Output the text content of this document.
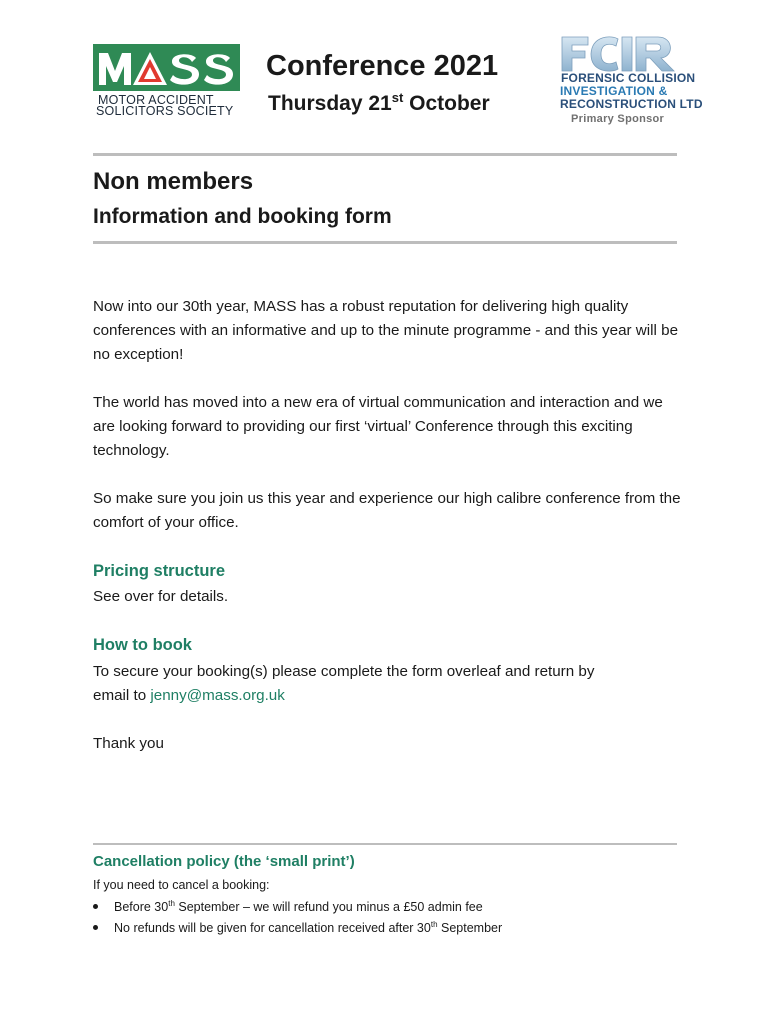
MOTOR ACCIDENT
SOLICITORS SOCIETY
Conference 2021
Thursday 21st October
FORENSIC COLLISION
INVESTIGATION &
RECONSTRUCTION LTD
Primary Sponsor
Non members
Information and booking form
Now into our 30th year, MASS has a robust reputation for delivering high quality conferences with an informative and up to the minute programme - and this year will be no exception!
The world has moved into a new era of virtual communication and interaction and we are looking forward to providing our first ‘virtual’ Conference through this exciting technology.
So make sure you join us this year and experience our high calibre conference from the comfort of your office.
Pricing structure
See over for details.
How to book
To secure your booking(s) please complete the form overleaf and return by
email to jenny@mass.org.uk
Thank you
Cancellation policy (the ‘small print’)
If you need to cancel a booking:
Before 30th September – we will refund you minus a £50 admin fee
No refunds will be given for cancellation received after 30th September
